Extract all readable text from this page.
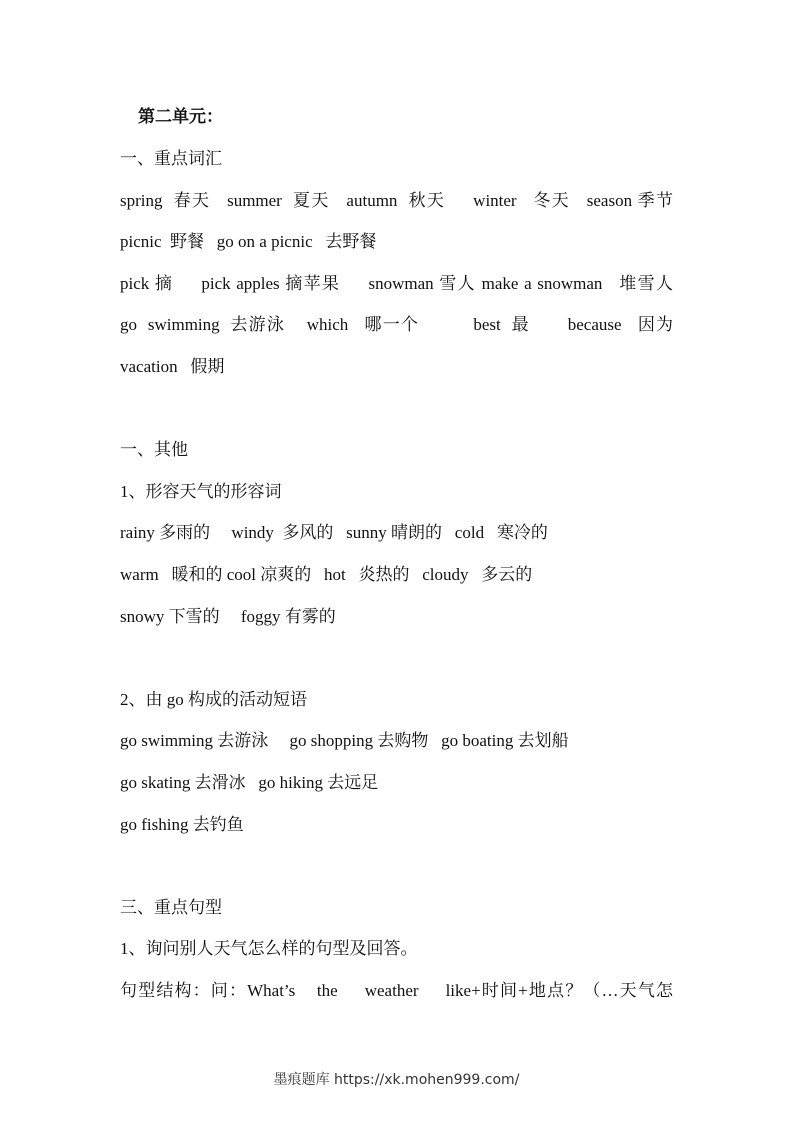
第二单元：
一、重点词汇
spring  春天   summer  夏天   autumn  秋天     winter   冬天   season 季节
picnic  野餐   go on a picnic   去野餐
pick 摘     pick apples 摘苹果     snowman 雪人 make a snowman   堆雪人
go  swimming  去游泳    which   哪一个          best  最       because   因为
vacation   假期
一、其他
1、形容天气的形容词
rainy 多雨的     windy  多风的   sunny 晴朗的   cold   寒冷的
warm   暖和的 cool 凉爽的   hot   炎热的   cloudy   多云的
snowy 下雪的     foggy 有雾的
2、由 go 构成的活动短语
go swimming 去游泳     go shopping 去购物   go boating 去划船
go skating 去滑冰   go hiking 去远足
go fishing 去钓鱼
三、重点句型
1、询问别人天气怎么样的句型及回答。
句型结构：问：What’s    the     weather     like+时间+地点？（…天气怎
墨痕题库 https://xk.mohen999.com/
